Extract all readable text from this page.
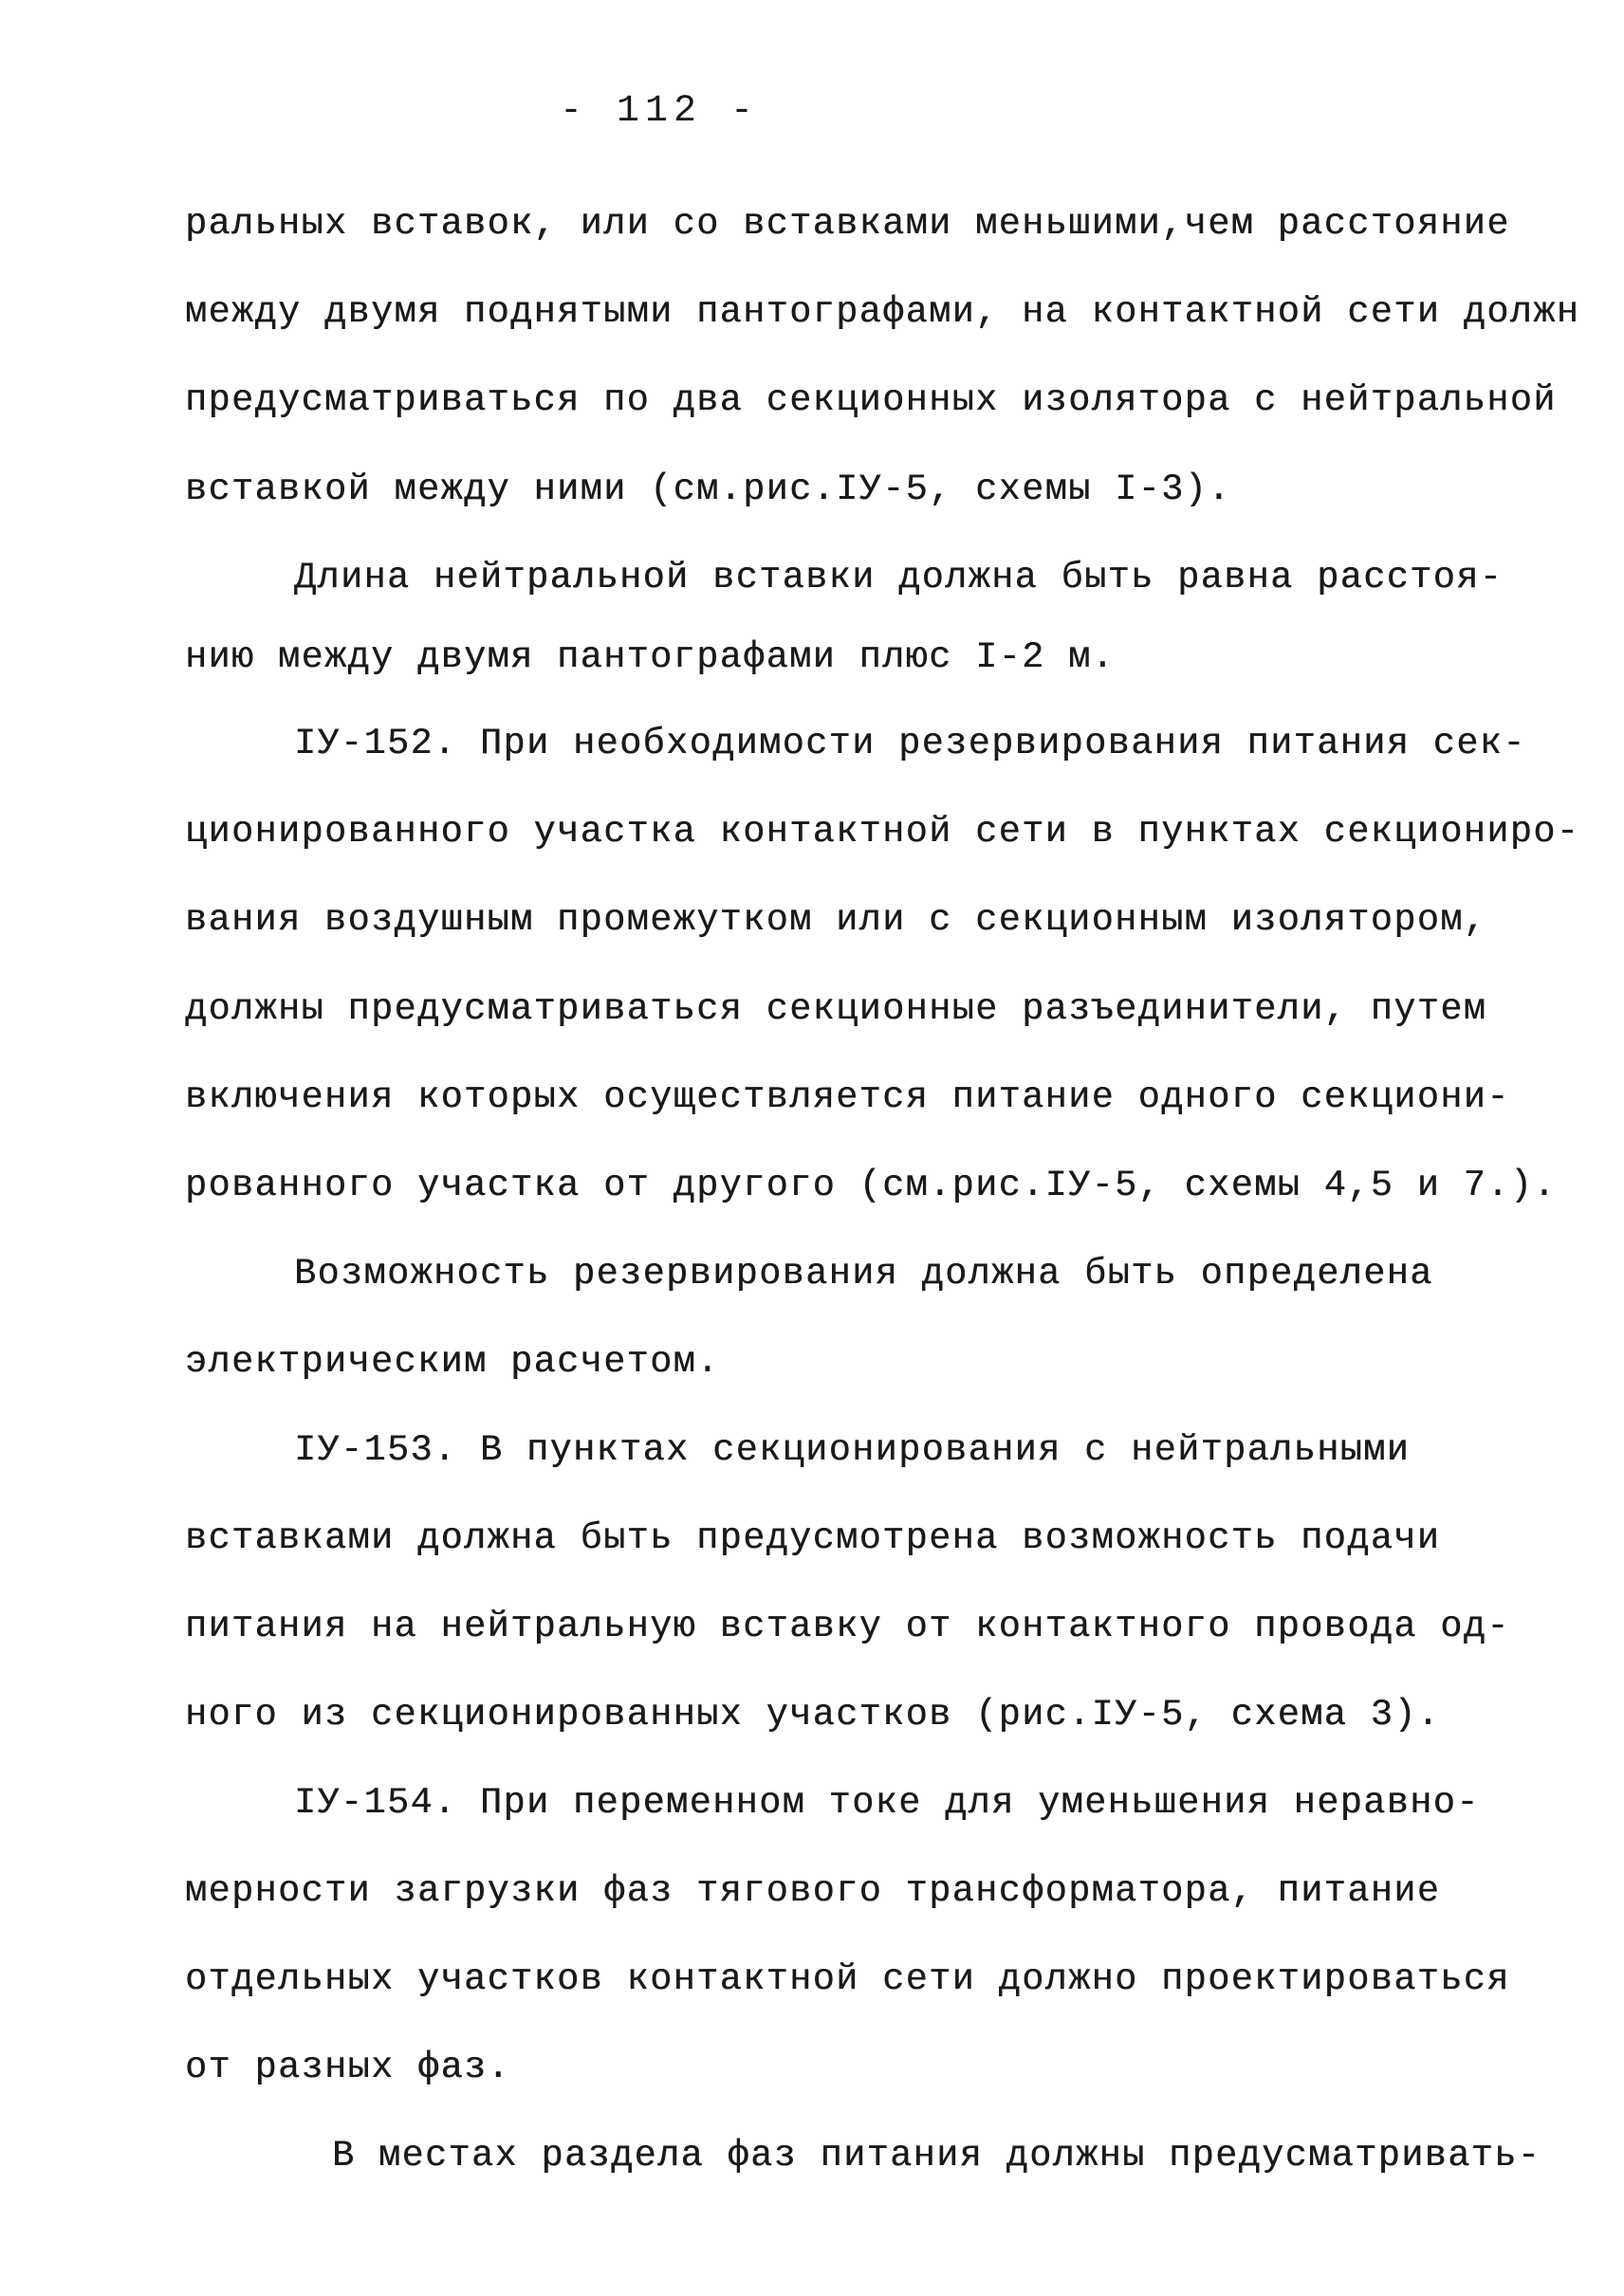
- 112 -
ральных вставок, или со вставками меньшими,чем расстояние
между двумя поднятыми пантографами, на контактной сети должн
предусматриваться по два секционных изолятора с нейтральной
вставкой между ними (см.рис.IУ-5, схемы I-3).
Длина нейтральной вставки должна быть равна расстоя-
нию между двумя пантографами плюс I-2 м.
IУ-152. При необходимости резервирования питания сек-
ционированного участка контактной сети в пунктах секциониро-
вания воздушным промежутком или с секционным изолятором,
должны предусматриваться секционные разъединители, путем
включения которых осуществляется питание одного секциони-
рованного участка от другого (см.рис.IУ-5, схемы 4,5 и 7.).
Возможность резервирования должна быть определена
электрическим расчетом.
IУ-153. В пунктах секционирования с нейтральными
вставками должна быть предусмотрена возможность подачи
питания на нейтральную вставку от контактного провода од-
ного из секционированных участков (рис.IУ-5, схема 3).
IУ-154. При переменном токе для уменьшения неравно-
мерности загрузки фаз тягового трансформатора, питание
отдельных участков контактной сети должно проектироваться
от разных фаз.
В местах раздела фаз питания должны предусматривать-
